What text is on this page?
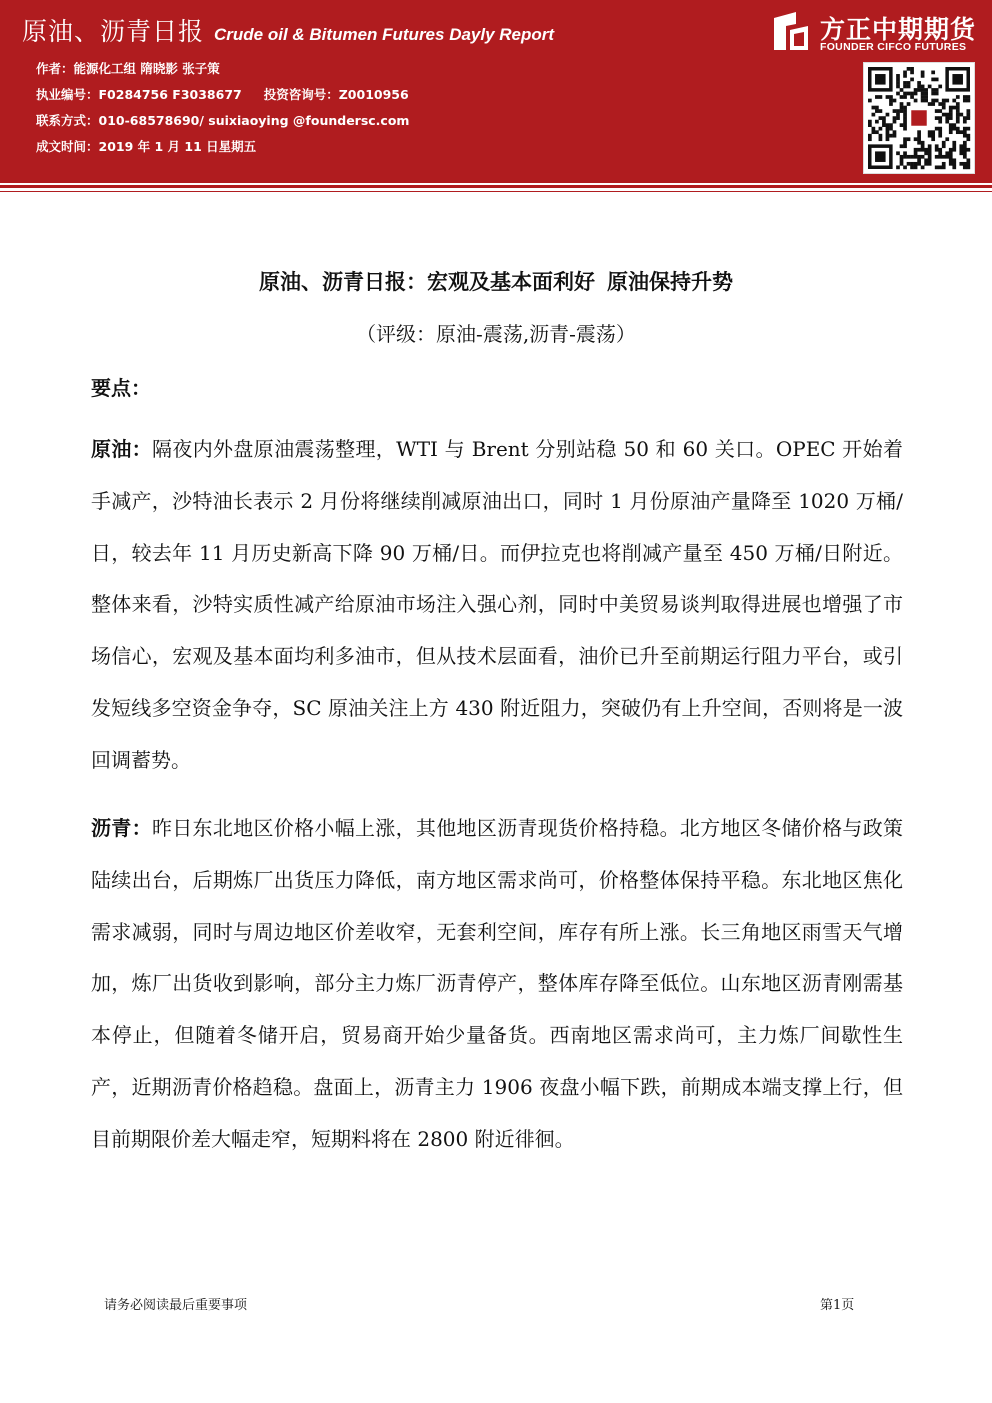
原油、沥青日报 Crude oil & Bitumen Futures Dayly Report
作者：能源化工组 隋晓影 张子策
执业编号：F0284756 F3038677 投资咨询号：Z0010956
联系方式：010-68578690/ suixiaoying @foundersc.com
成文时间：2019 年 1 月 11 日星期五
方正中期期货
FOUNDER CIFCO FUTURES
原油、沥青日报：宏观及基本面利好 原油保持升势
（评级：原油-震荡,沥青-震荡）
要点：
原油：隔夜内外盘原油震荡整理，WTI 与 Brent 分别站稳 50 和 60 关口。OPEC 开始着手减产，沙特油长表示 2 月份将继续削减原油出口，同时 1 月份原油产量降至 1020 万桶/日，较去年 11 月历史新高下降 90 万桶/日。而伊拉克也将削减产量至 450 万桶/日附近。整体来看，沙特实质性减产给原油市场注入强心剂，同时中美贸易谈判取得进展也增强了市场信心，宏观及基本面均利多油市，但从技术层面看，油价已升至前期运行阻力平台，或引发短线多空资金争夺，SC 原油关注上方 430 附近阻力，突破仍有上升空间，否则将是一波回调蓄势。
沥青：昨日东北地区价格小幅上涨，其他地区沥青现货价格持稳。北方地区冬储价格与政策陆续出台，后期炼厂出货压力降低，南方地区需求尚可，价格整体保持平稳。东北地区焦化需求减弱，同时与周边地区价差收窄，无套利空间，库存有所上涨。长三角地区雨雪天气增加，炼厂出货收到影响，部分主力炼厂沥青停产，整体库存降至低位。山东地区沥青刚需基本停止，但随着冬储开启，贸易商开始少量备货。西南地区需求尚可，主力炼厂间歇性生产，近期沥青价格趋稳。盘面上，沥青主力 1906 夜盘小幅下跌，前期成本端支撑上行，但目前期限价差大幅走窄，短期料将在 2800 附近徘徊。
请务必阅读最后重要事项	第1页
